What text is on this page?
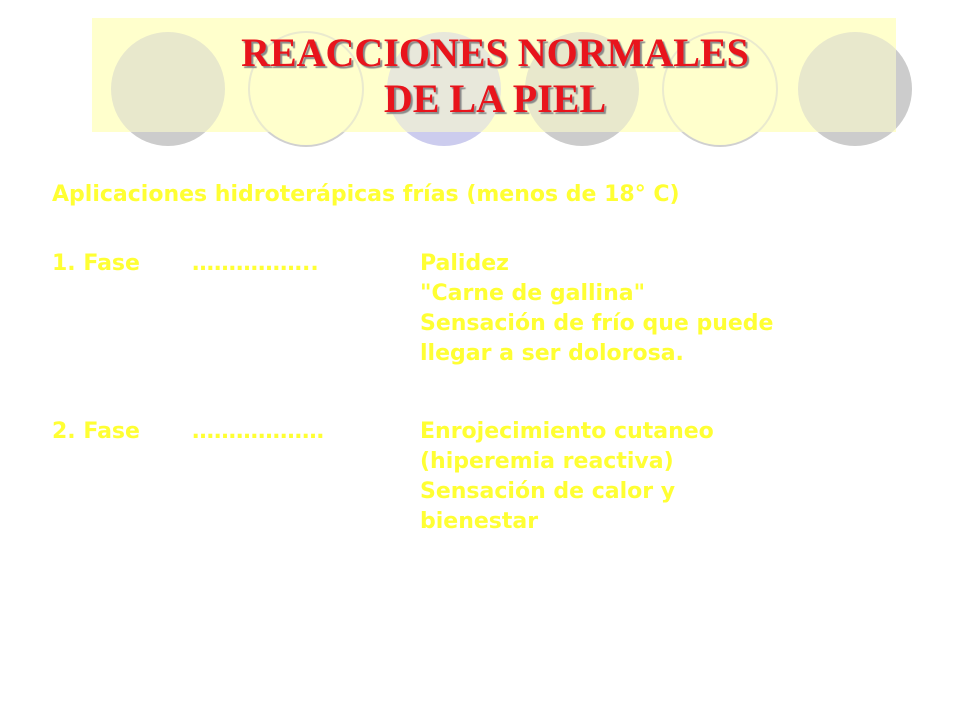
REACCIONES NORMALES
DE LA PIEL
Aplicaciones hidroterápicas frías (menos de 18° C)
1. Fase ……………..	Palidez
"Carne de gallina"
Sensación de frío que puede
llegar a ser dolorosa.
2. Fase ………………	Enrojecimiento cutaneo
(hiperemia reactiva)
Sensación de calor y
bienestar
